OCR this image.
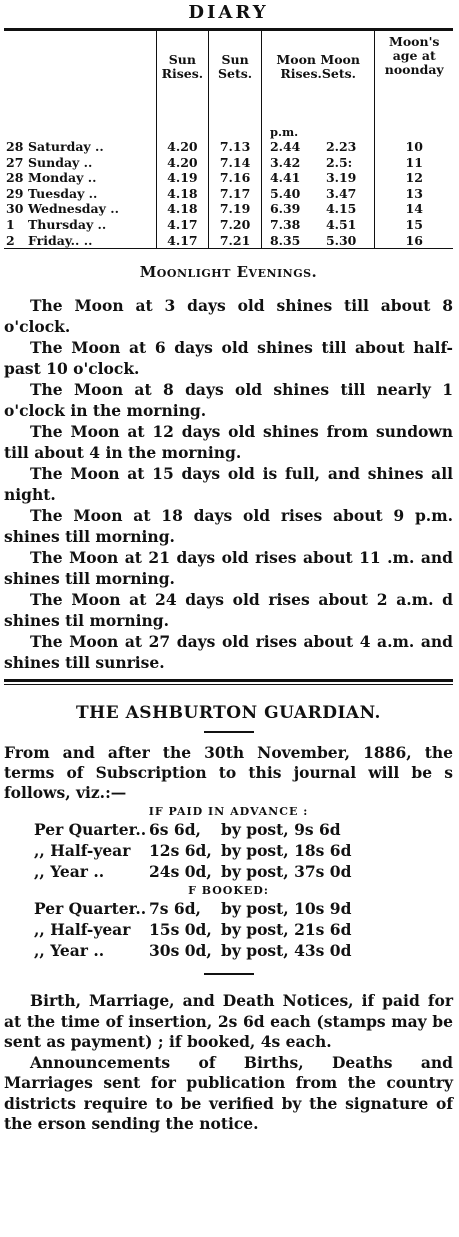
DIARY
	Sun Rises.	Sun Sets.	Moon Moon Rises.Sets.	Moon's age at noonday
			p.m.	
28 Saturday ..	4.20	7.13	2.44 2.23	10
27 Sunday ..	4.20	7.14	3.42 2.5:	11
28 Monday ..	4.19	7.16	4.41 3.19	12
29 Tuesday ..	4.18	7.17	5.40 3.47	13
30 Wednesday ..	4.18	7.19	6.39 4.15	14
1 Thursday ..	4.17	7.20	7.38 4.51	15
2 Friday.. ..	4.17	7.21	8.35 5.30	16
Moonlight Evenings.

The Moon at 3 days old shines till about 8 o'clock.

The Moon at 6 days old shines till about half-past 10 o'clock.

The Moon at 8 days old shines till nearly 1 o'clock in the morning.

The Moon at 12 days old shines from sundown till about 4 in the morning.

The Moon at 15 days old is full, and shines all night.

The Moon at 18 days old rises about 9 p.m. shines till morning.

The Moon at 21 days old rises about 11 .m. and shines till morning.

The Moon at 24 days old rises about 2 a.m. d shines til morning.

The Moon at 27 days old rises about 4 a.m. and shines till sunrise.

THE ASHBURTON GUARDIAN.

From and after the 30th November, 1886, the terms of Subscription to this journal will be s follows, viz.:—

IF PAID IN ADVANCE :
Per Quarter.. 6s 6d,	by post, 9s 6d
,, Half-year	12s 6d, by post, 18s 6d
,, Year ..	24s 0d, by post, 37s 0d
F BOOKED:
Per Quarter.. 7s 6d,	by post, 10s 9d
,, Half-year	15s 0d, by post, 21s 6d
,, Year ..	30s 0d, by post, 43s 0d

Birth, Marriage, and Death Notices, if paid for at the time of insertion, 2s 6d each (stamps may be sent as payment) ; if booked, 4s each.

Announcements of Births, Deaths and Marriages sent for publication from the country districts require to be verified by the signature of the erson sending the notice.
